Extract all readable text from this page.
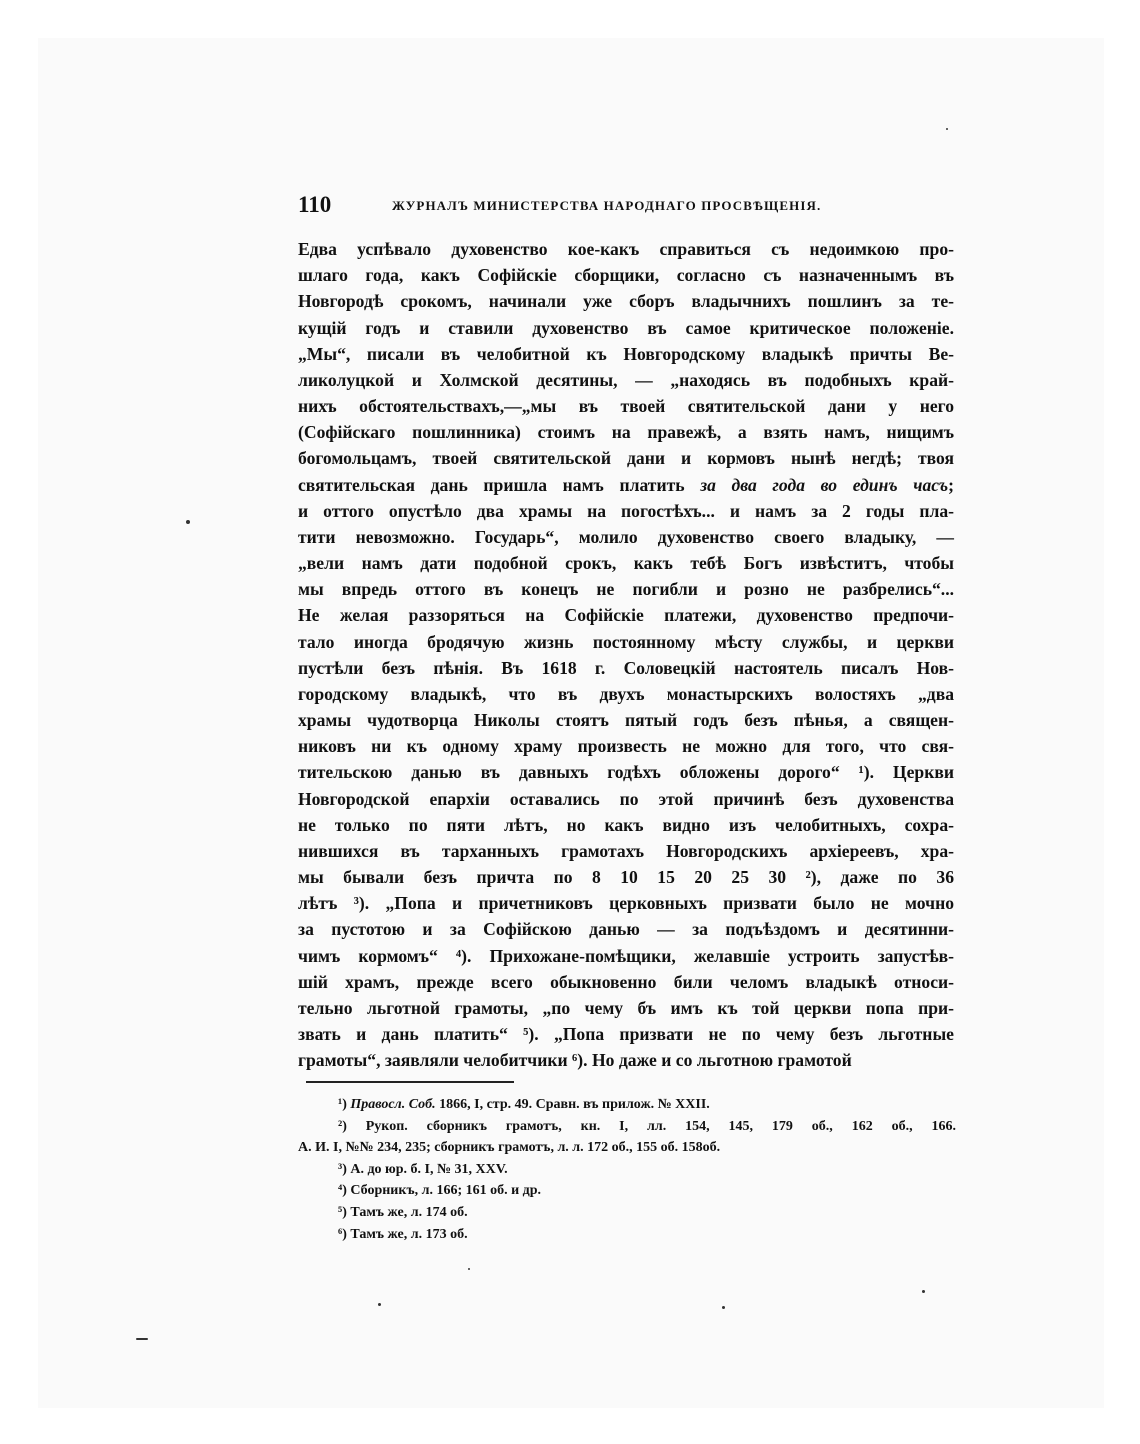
110	ЖУРНАЛЪ МИНИСТЕРСТВА НАРОДНАГО ПРОСВѢЩЕНІЯ.
Едва успѣвало духовенство кое-какъ справиться съ недоимкою про-
шлаго года, какъ Софійскіе сборщики, согласно съ назначеннымъ въ
Новгородѣ срокомъ, начинали уже сборъ владычнихъ пошлинъ за те-
кущій годъ и ставили духовенство въ самое критическое положеніе.
„Мы“, писали въ челобитной къ Новгородскому владыкѣ причты Ве-
ликолуцкой и Холмской десятины, — „находясь въ подобныхъ край-
нихъ обстоятельствахъ,—„мы въ твоей святительской дани у него
(Софійскаго пошлинника) стоимъ на правежѣ, а взять намъ, нищимъ
богомольцамъ, твоей святительской дани и кормовъ нынѣ негдѣ; твоя
святительская дань пришла намъ платить за два года во единъ часъ;
и оттого опустѣло два храмы на погостѣхъ... и намъ за 2 годы пла-
тити невозможно. Государь“, молило духовенство своего владыку, —
„вели намъ дати подобной срокъ, какъ тебѣ Богъ извѣститъ, чтобы
мы впредь оттого въ конецъ не погибли и розно не разбрелись“...
Не желая раззоряться на Софійскіе платежи, духовенство предпочи-
тало иногда бродячую жизнь постоянному мѣсту службы, и церкви
пустѣли безъ пѣнія. Въ 1618 г. Соловецкій настоятель писалъ Нов-
городскому владыкѣ, что въ двухъ монастырскихъ волостяхъ „два
храмы чудотворца Николы стоятъ пятый годъ безъ пѣнья, а священ-
никовъ ни къ одному храму произвесть не можно для того, что свя-
тительскою данью въ давныхъ годѣхъ обложены дорого“ ¹). Церкви
Новгородской епархіи оставались по этой причинѣ безъ духовенства
не только по пяти лѣтъ, но какъ видно изъ челобитныхъ, сохра-
нившихся въ тарханныхъ грамотахъ Новгородскихъ архіереевъ, хра-
мы бывали безъ причта по 8 10 15 20 25 30 ²), даже по 36
лѣтъ ³). „Попа и причетниковъ церковныхъ призвати было не мочно
за пустотою и за Софійскою данью — за подъѣздомъ и десятинни-
чимъ кормомъ“ ⁴). Прихожане-помѣщики, желавшіе устроить запустѣв-
шій храмъ, прежде всего обыкновенно били челомъ владыкѣ относи-
тельно льготной грамоты, „по чему бъ имъ къ той церкви попа при-
звать и дань платить“ ⁵). „Попа призвати не по чему безъ льготные
грамоты“, заявляли челобитчики ⁶). Но даже и со льготною грамотой
¹) Правосл. Соб. 1866, I, стр. 49. Сравн. въ прилож. № XXII.
²) Рукоп. сборникъ грамотъ, кн. I, лл. 154, 145, 179 об., 162 об., 166.
А. И. I, №№ 234, 235; сборникъ грамотъ, л. л. 172 об., 155 об. 158об.
³) А. до юр. б. I, № 31, XXV.
⁴) Сборникъ, л. 166; 161 об. и др.
⁵) Тамъ же, л. 174 об.
⁶) Тамъ же, л. 173 об.
